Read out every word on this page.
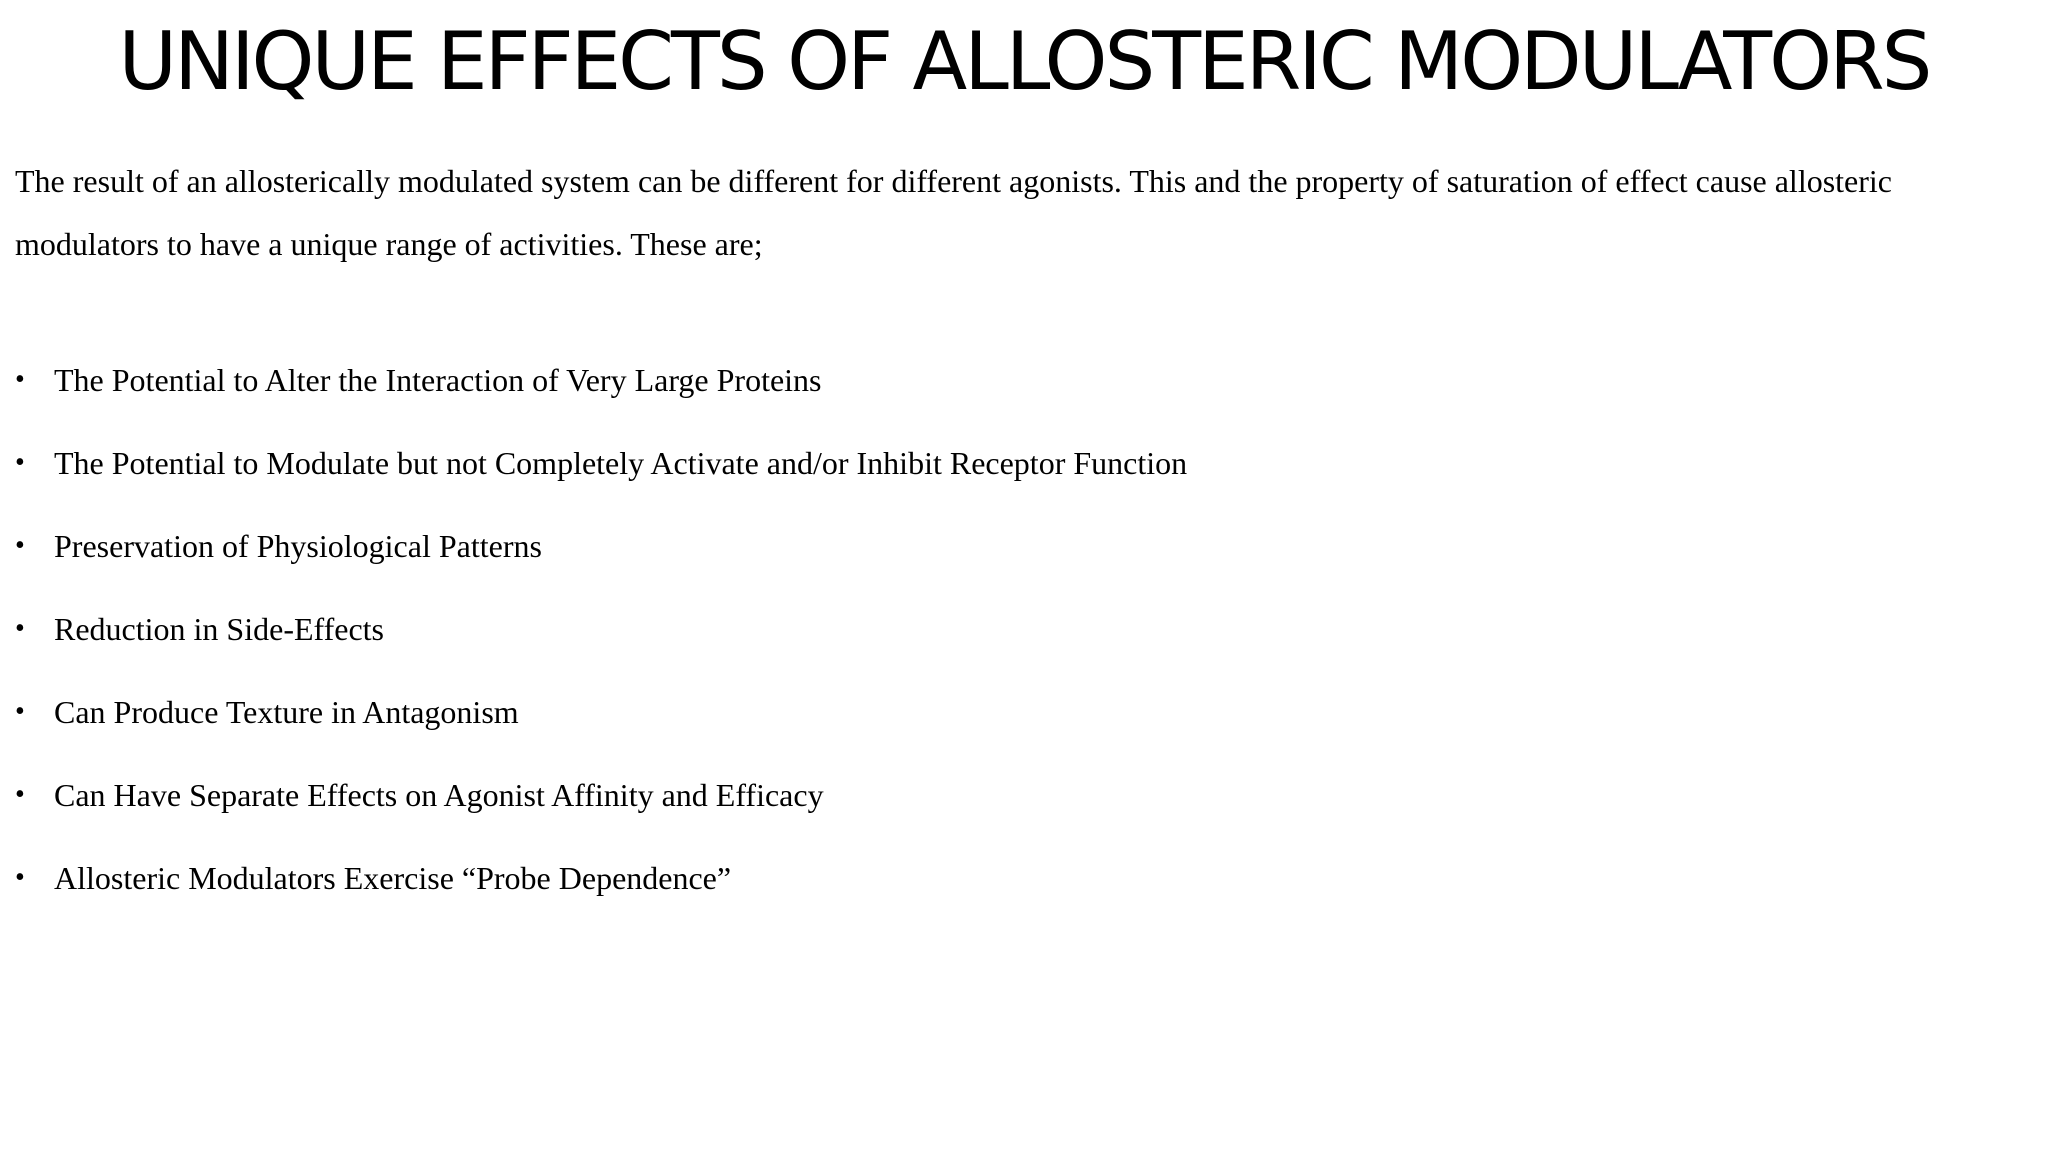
UNIQUE EFFECTS OF ALLOSTERIC MODULATORS

The result of an allosterically modulated system can be different for different agonists. This and the property of saturation of effect cause allosteric modulators to have a unique range of activities. These are;

• The Potential to Alter the Interaction of Very Large Proteins
• The Potential to Modulate but not Completely Activate and/or Inhibit Receptor Function
• Preservation of Physiological Patterns
• Reduction in Side-Effects
• Can Produce Texture in Antagonism
• Can Have Separate Effects on Agonist Affinity and Efficacy
• Allosteric Modulators Exercise “Probe Dependence”
